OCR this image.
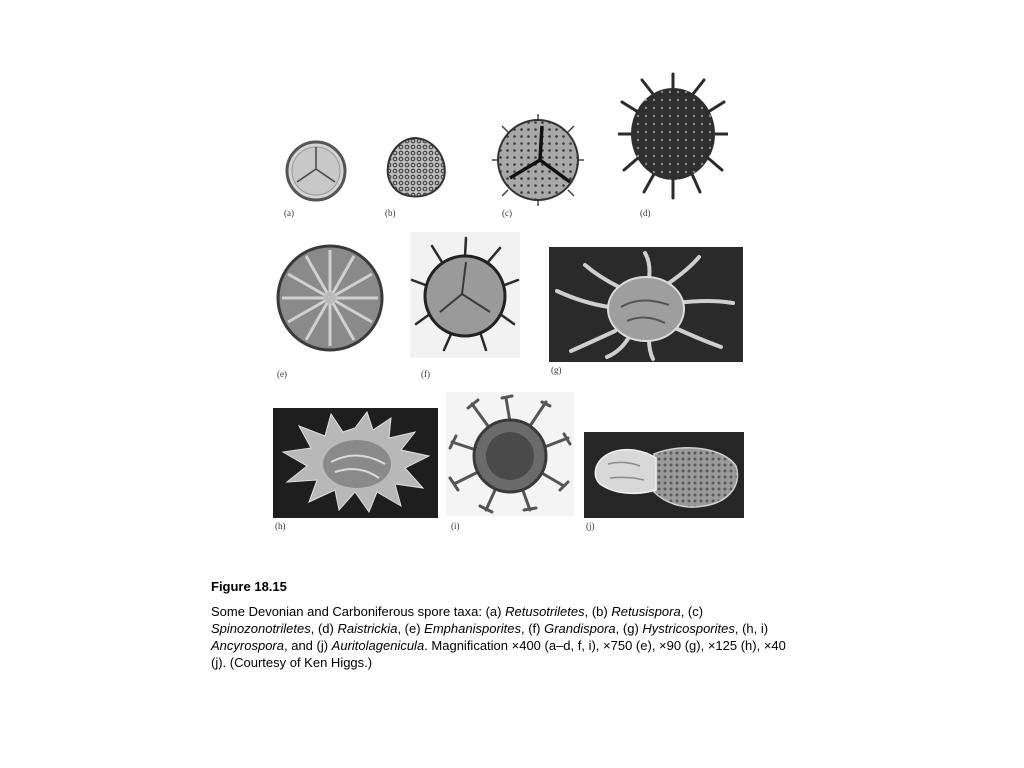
(a)	(b)	(c)	(d)
(e)	(f)	(g)
(h)	(i)	(j)
Figure 18.15

Some Devonian and Carboniferous spore taxa: (a) Retusotriletes, (b) Retusispora, (c) Spinozonotriletes, (d) Raistrickia, (e) Emphanisporites, (f) Grandispora, (g) Hystricosporites, (h, i) Ancyrospora, and (j) Auritolagenicula. Magnification ×400 (a–d, f, i), ×750 (e), ×90 (g), ×125 (h), ×40 (j). (Courtesy of Ken Higgs.)
